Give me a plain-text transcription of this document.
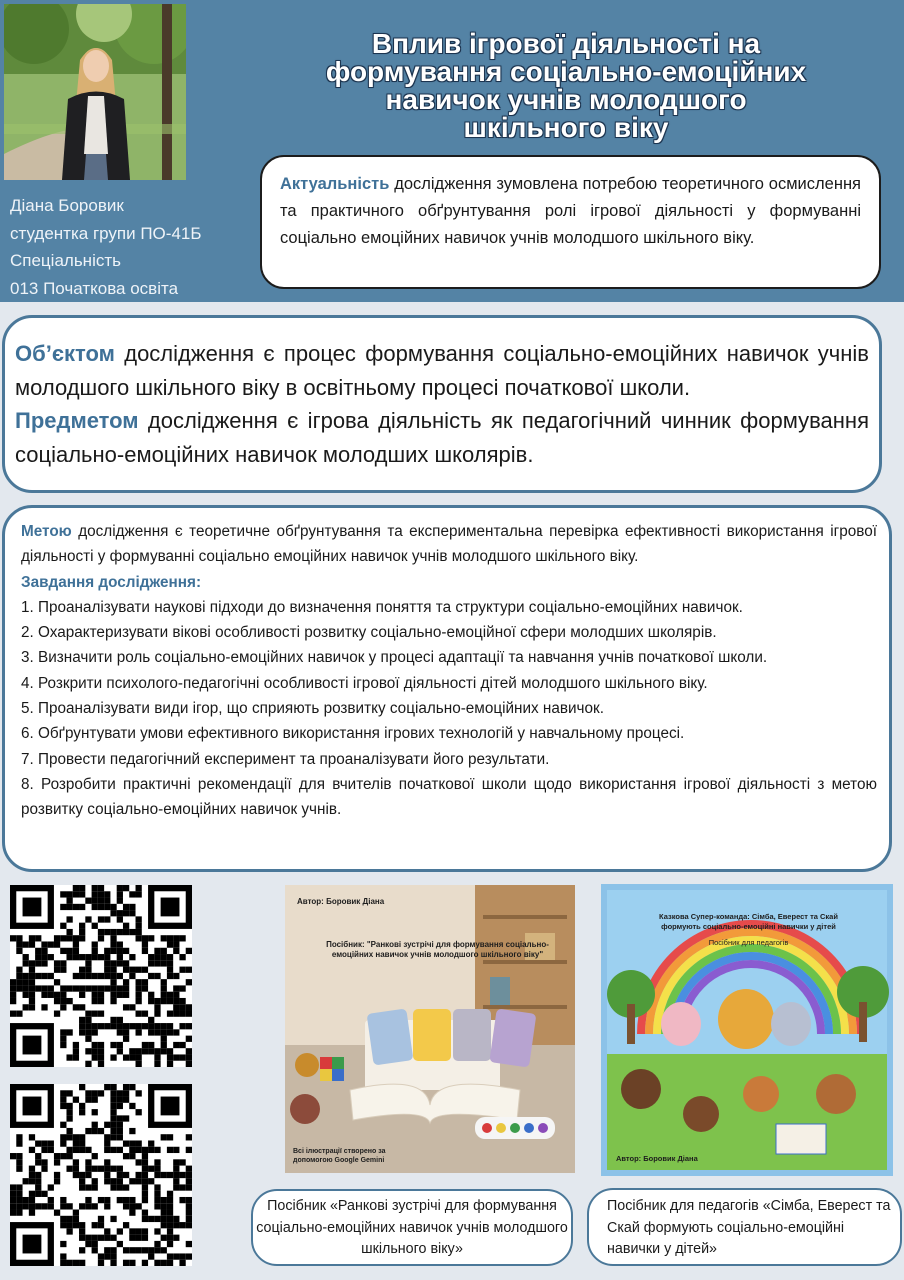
Діана Боровик
студентка групи ПО-41Б
Спеціальність
013 Початкова освіта
Вплив ігрової діяльності на
формування соціально-емоційних
навичок учнів молодшого
шкільного віку
Актуальність дослідження зумовлена потребою теоретичного осмислення та практичного обґрунтування ролі ігрової діяльності у формуванні соціально емоційних навичок учнів молодшого шкільного віку.

Об’єктом дослідження є процес формування соціально-емоційних навичок учнів молодшого шкільного віку в освітньому процесі початкової школи.

Предметом дослідження є ігрова діяльність як педагогічний чинник формування соціально-емоційних навичок молодших школярів.

Метою дослідження є теоретичне обґрунтування та експериментальна перевірка ефективності використання ігрової діяльності у формуванні соціально емоційних навичок учнів молодшого шкільного віку.

Завдання дослідження:
1. Проаналізувати наукові підходи до визначення поняття та структури соціально-емоційних навичок.
2. Охарактеризувати вікові особливості розвитку соціально-емоційної сфери молодших школярів.
3. Визначити роль соціально-емоційних навичок у процесі адаптації та навчання учнів початкової школи.
4. Розкрити психолого-педагогічні особливості ігрової діяльності дітей молодшого шкільного віку.
5. Проаналізувати види ігор, що сприяють розвитку соціально-емоційних навичок.
6. Обґрунтувати умови ефективного використання ігрових технологій у навчальному процесі.
7. Провести педагогічний експеримент та проаналізувати його результати.
8. Розробити практичні рекомендації для вчителів початкової школи щодо використання ігрової діяльності з метою розвитку соціально-емоційних навичок учнів.
Автор: Боровик Діана
Посібник: "Ранкові зустрічі для формування соціально-емоційних навичок учнів молодшого шкільного віку"
Всі ілюстрації створено за допомогою Google Gemini
Казкова Супер-команда: Сімба, Еверест та Скай формують соціально-емоційні навички у дітей
Посібник для педагогів
Автор: Боровик Діана
Посібник «Ранкові зустрічі для формування соціально-емоційних навичок учнів молодшого шкільного віку»
Посібник для педагогів «Сімба, Еверест та Скай формують соціально-емоційні навички у дітей»
